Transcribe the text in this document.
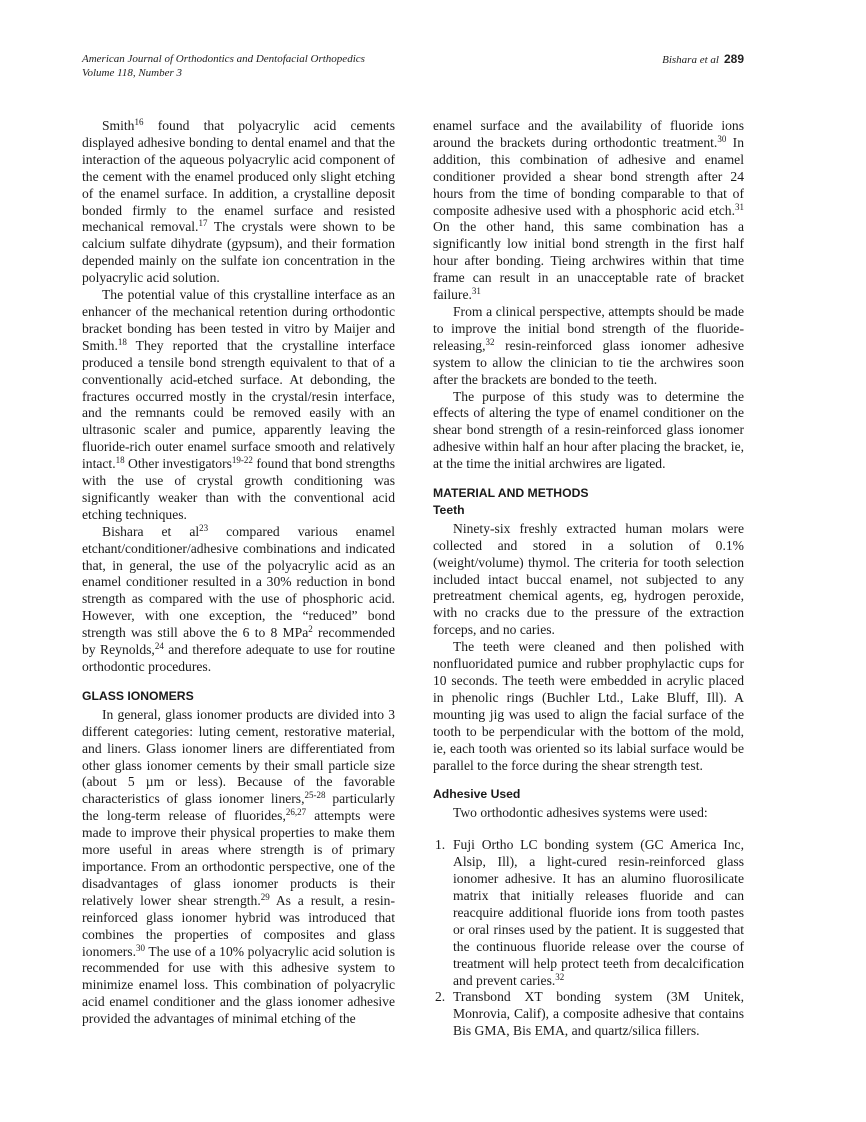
American Journal of Orthodontics and Dentofacial Orthopedics
Volume 118, Number 3
Bishara et al 289

Smith$^{16}$ found that polyacrylic acid cements displayed adhesive bonding to dental enamel and that the interaction of the aqueous polyacrylic acid component of the cement with the enamel produced only slight etching of the enamel surface. In addition, a crystalline deposit bonded firmly to the enamel surface and resisted mechanical removal.$^{17}$ The crystals were shown to be calcium sulfate dihydrate (gypsum), and their formation depended mainly on the sulfate ion concentration in the polyacrylic acid solution.

The potential value of this crystalline interface as an enhancer of the mechanical retention during orthodontic bracket bonding has been tested in vitro by Maijer and Smith.$^{18}$ They reported that the crystalline interface produced a tensile bond strength equivalent to that of a conventionally acid-etched surface. At debonding, the fractures occurred mostly in the crystal/resin interface, and the remnants could be removed easily with an ultrasonic scaler and pumice, apparently leaving the fluoride-rich outer enamel surface smooth and relatively intact.$^{18}$ Other investigators$^{19-22}$ found that bond strengths with the use of crystal growth conditioning was significantly weaker than with the conventional acid etching techniques.

Bishara et $al^{23}$ compared various enamel etchant/conditioner/adhesive combinations and indicated that, in general, the use of the polyacrylic acid as an enamel conditioner resulted in a 30% reduction in bond strength as compared with the use of phosphoric acid. However, with one exception, the “reduced” bond strength was still above the 6 to 8 MPa$^2$ recommended by Reynolds,$^{24}$ and therefore adequate to use for routine orthodontic procedures.

GLASS IONOMERS

In general, glass ionomer products are divided into 3 different categories: luting cement, restorative material, and liners. Glass ionomer liners are differentiated from other glass ionomer cements by their small particle size (about 5 µm or less). Because of the favorable characteristics of glass ionomer liners,$^{25-28}$ particularly the long-term release of fluorides,$^{26,27}$ attempts were made to improve their physical properties to make them more useful in areas where strength is of primary importance. From an orthodontic perspective, one of the disadvantages of glass ionomer products is their relatively lower shear strength.$^{29}$ As a result, a resin-reinforced glass ionomer hybrid was introduced that combines the properties of composites and glass ionomers.$^{30}$ The use of a 10% polyacrylic acid solution is recommended for use with this adhesive system to minimize enamel loss. This combination of polyacrylic acid enamel conditioner and the glass ionomer adhesive provided the advantages of minimal etching of the

enamel surface and the availability of fluoride ions around the brackets during orthodontic treatment.$^{30}$ In addition, this combination of adhesive and enamel conditioner provided a shear bond strength after 24 hours from the time of bonding comparable to that of composite adhesive used with a phosphoric acid etch.$^{31}$ On the other hand, this same combination has a significantly low initial bond strength in the first half hour after bonding. Tieing archwires within that time frame can result in an unacceptable rate of bracket failure.$^{31}$

From a clinical perspective, attempts should be made to improve the initial bond strength of the fluoride-releasing,$^{32}$ resin-reinforced glass ionomer adhesive system to allow the clinician to tie the archwires soon after the brackets are bonded to the teeth.

The purpose of this study was to determine the effects of altering the type of enamel conditioner on the shear bond strength of a resin-reinforced glass ionomer adhesive within half an hour after placing the bracket, ie, at the time the initial archwires are ligated.

MATERIAL AND METHODS
Teeth

Ninety-six freshly extracted human molars were collected and stored in a solution of 0.1% (weight/volume) thymol. The criteria for tooth selection included intact buccal enamel, not subjected to any pretreatment chemical agents, eg, hydrogen peroxide, with no cracks due to the pressure of the extraction forceps, and no caries.

The teeth were cleaned and then polished with nonfluoridated pumice and rubber prophylactic cups for 10 seconds. The teeth were embedded in acrylic placed in phenolic rings (Buchler Ltd., Lake Bluff, Ill). A mounting jig was used to align the facial surface of the tooth to be perpendicular with the bottom of the mold, ie, each tooth was oriented so its labial surface would be parallel to the force during the shear strength test.

Adhesive Used

Two orthodontic adhesives systems were used:

1. Fuji Ortho LC bonding system (GC America Inc, Alsip, Ill), a light-cured resin-reinforced glass ionomer adhesive. It has an alumino fluorosilicate matrix that initially releases fluoride and can reacquire additional fluoride ions from tooth pastes or oral rinses used by the patient. It is suggested that the continuous fluoride release over the course of treatment will help protect teeth from decalcification and prevent caries.$^{32}$
2. Transbond XT bonding system (3M Unitek, Monrovia, Calif), a composite adhesive that contains Bis GMA, Bis EMA, and quartz/silica fillers.
